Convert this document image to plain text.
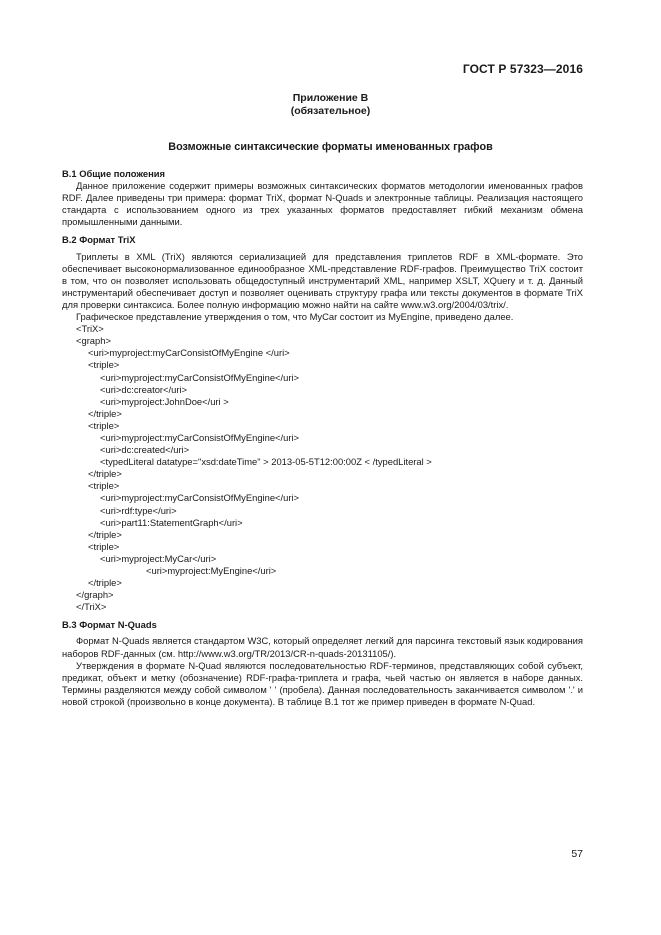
ГОСТ Р 57323—2016
Приложение В
(обязательное)
Возможные синтаксические форматы именованных графов

В.1 Общие положения

Данное приложение содержит примеры возможных синтаксических форматов методологии именованных графов RDF. Далее приведены три примера: формат TriX, формат N-Quads и электронные таблицы. Реализация настоящего стандарта с использованием одного из трех указанных форматов предоставляет гибкий механизм обмена промышленными данными.

В.2 Формат TriX

Триплеты в XML (TriX) являются сериализацией для представления триплетов RDF в XML-формате. Это обеспечивает высоконормализованное единообразное XML-представление RDF-графов. Преимущество TriX состоит в том, что он позволяет использовать общедоступный инструментарий XML, например XSLT, XQuery и т. д. Данный инструментарий обеспечивает доступ и позволяет оценивать структуру графа или тексты документов в формате TriX для проверки синтаксиса. Более полную информацию можно найти на сайте www.w3.org/2004/03/trix/.

Графическое представление утверждения о том, что MyCar состоит из MyEngine, приведено далее.

<TriX>
<graph>
<uri>myproject:myCarConsistOfMyEngine </uri>
<triple>
<uri>myproject:myCarConsistOfMyEngine</uri>
<uri>dc:creator</uri>
<uri>myproject:JohnDoe</uri >
</triple>
<triple>
<uri>myproject:myCarConsistOfMyEngine</uri>
<uri>dc:created</uri>
<typedLiteral datatype="xsd:dateTime" > 2013-05-5T12:00:00Z < /typedLiteral >
</triple>
<triple>
<uri>myproject:myCarConsistOfMyEngine</uri>
<uri>rdf:type</uri>
<uri>part11:StatementGraph</uri>
</triple>
<triple>
<uri>myproject:MyCar</uri>
<uri>myproject:MyEngine</uri>
</triple>
</graph>
</TriX>

В.3 Формат N-Quads

Формат N-Quads является стандартом W3C, который определяет легкий для парсинга текстовый язык кодирования наборов RDF-данных (см. http://www.w3.org/TR/2013/CR-n-quads-20131105/).

Утверждения в формате N-Quad являются последовательностью RDF-терминов, представляющих собой субъект, предикат, объект и метку (обозначение) RDF-графа-триплета и графа, чьей частью он является в наборе данных. Термины разделяются между собой символом ' ' (пробела). Данная последовательность заканчивается символом '.' и новой строкой (произвольно в конце документа). В таблице В.1 тот же пример приведен в формате N-Quad.

57
